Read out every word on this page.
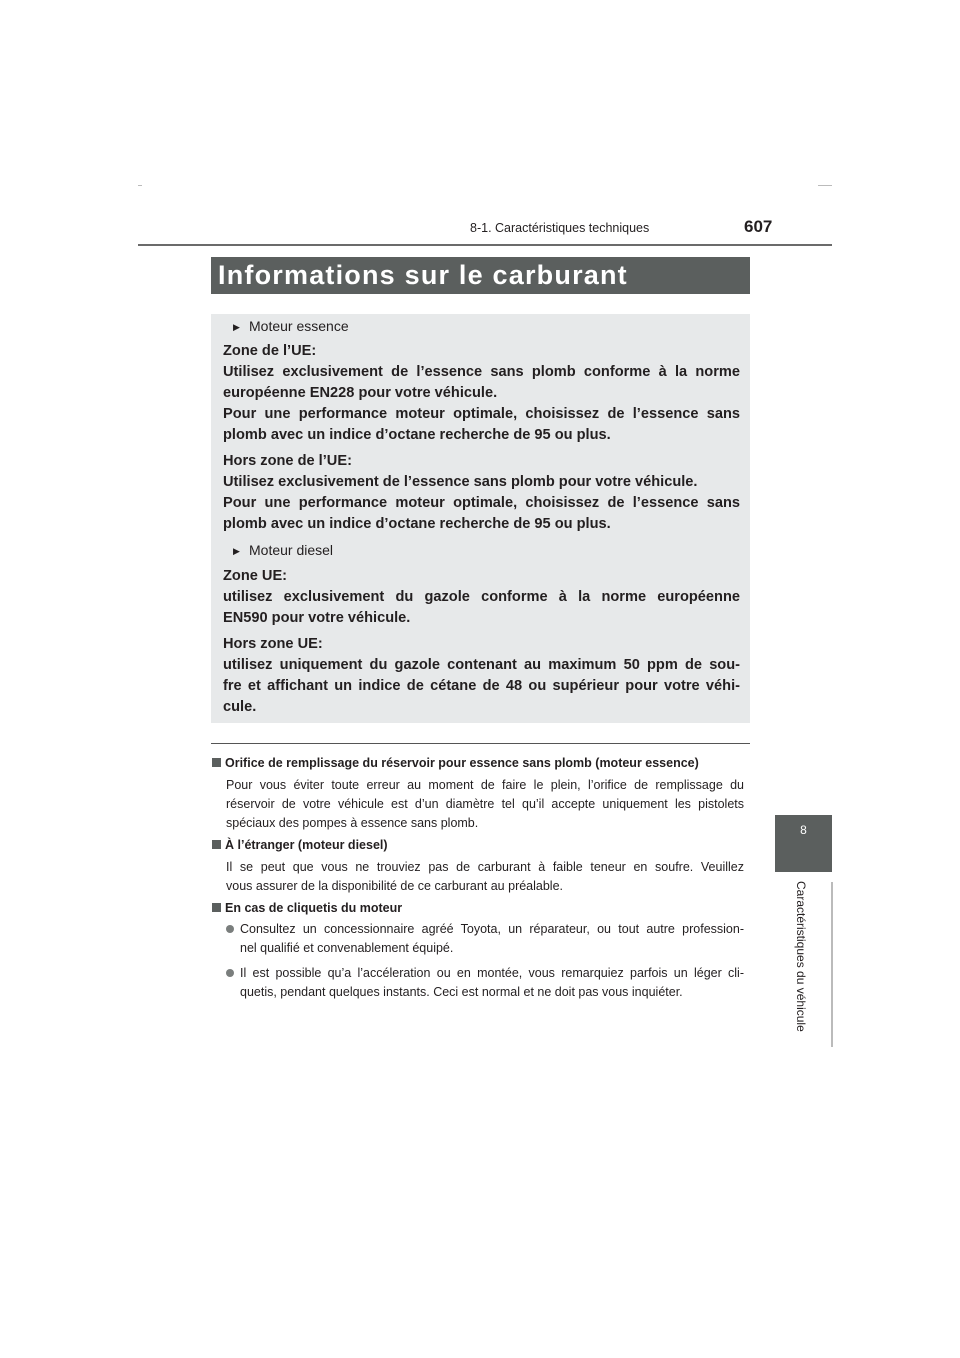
8-1. Caractéristiques techniques	607
8
Caractéristiques du véhicule
Informations sur le carburant
▶ Moteur essence
Zone de l’UE:
Utilisez exclusivement de l’essence sans plomb conforme à la norme
européenne EN228 pour votre véhicule.
Pour une performance moteur optimale, choisissez de l’essence sans
plomb avec un indice d’octane recherche de 95 ou plus.
Hors zone de l’UE:
Utilisez exclusivement de l’essence sans plomb pour votre véhicule.
Pour une performance moteur optimale, choisissez de l’essence sans
plomb avec un indice d’octane recherche de 95 ou plus.
▶ Moteur diesel
Zone UE:
utilisez exclusivement du gazole conforme à la norme européenne
EN590 pour votre véhicule.
Hors zone UE:
utilisez uniquement du gazole contenant au maximum 50 ppm de sou-
fre et affichant un indice de cétane de 48 ou supérieur pour votre véhi-
cule.
Orifice de remplissage du réservoir pour essence sans plomb (moteur essence)
Pour vous éviter toute erreur au moment de faire le plein, l’orifice de remplissage du
réservoir de votre véhicule est d’un diamètre tel qu’il accepte uniquement les pistolets
spéciaux des pompes à essence sans plomb.
À l’étranger (moteur diesel)
Il se peut que vous ne trouviez pas de carburant à faible teneur en soufre. Veuillez
vous assurer de la disponibilité de ce carburant au préalable.
En cas de cliquetis du moteur
Consultez un concessionnaire agréé Toyota, un réparateur, ou tout autre profession-
nel qualifié et convenablement équipé.
Il est possible qu’a l’accéleration ou en montée, vous remarquiez parfois un léger cli-
quetis, pendant quelques instants. Ceci est normal et ne doit pas vous inquiéter.
